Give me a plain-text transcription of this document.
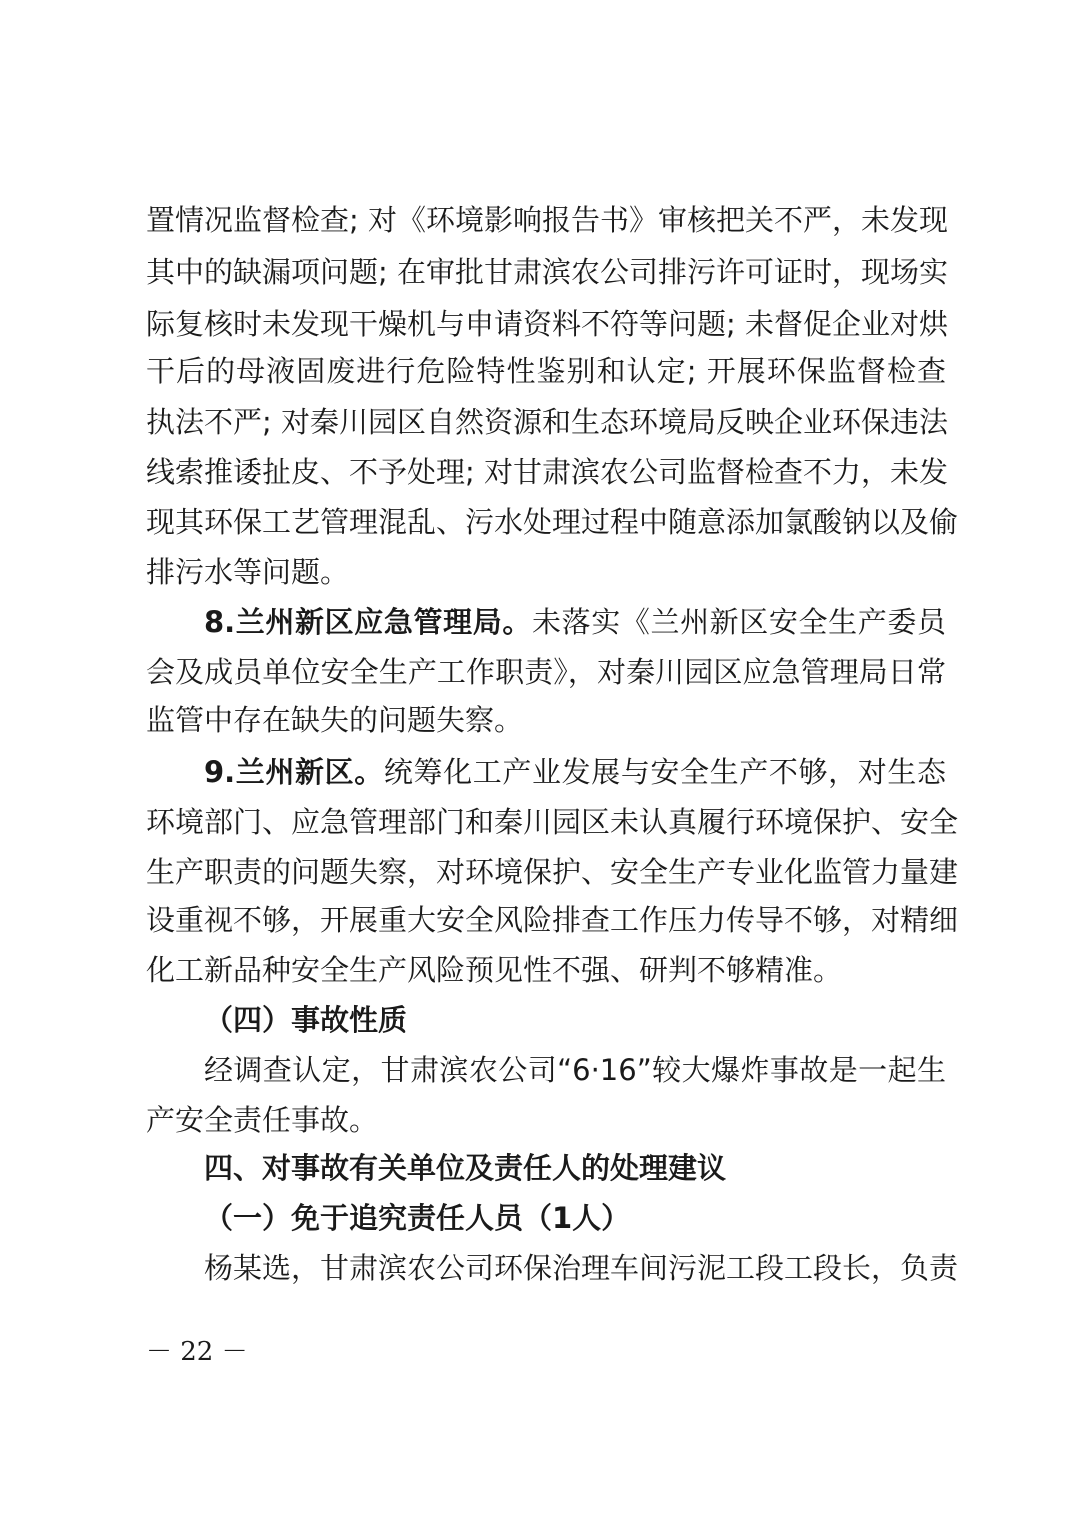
置情况监督检查; 对《环境影响报告书》审核把关不严，未发现
其中的缺漏项问题; 在审批甘肃滨农公司排污许可证时，现场实
际复核时未发现干燥机与申请资料不符等问题; 未督促企业对烘
干后的母液固废进行危险特性鉴别和认定; 开展环保监督检查
执法不严; 对秦川园区自然资源和生态环境局反映企业环保违法
线索推诿扯皮、不予处理; 对甘肃滨农公司监督检查不力，未发
现其环保工艺管理混乱、污水处理过程中随意添加氯酸钠以及偷
排污水等问题。
8.兰州新区应急管理局。未落实《兰州新区安全生产委员
会及成员单位安全生产工作职责》，对秦川园区应急管理局日常
监管中存在缺失的问题失察。
9.兰州新区。统筹化工产业发展与安全生产不够，对生态
环境部门、应急管理部门和秦川园区未认真履行环境保护、安全
生产职责的问题失察，对环境保护、安全生产专业化监管力量建
设重视不够，开展重大安全风险排查工作压力传导不够，对精细
化工新品种安全生产风险预见性不强、研判不够精准。
（四）事故性质
经调查认定，甘肃滨农公司“6·16”较大爆炸事故是一起生
产安全责任事故。
四、对事故有关单位及责任人的处理建议
（一）免于追究责任人员（1人）
杨某选，甘肃滨农公司环保治理车间污泥工段工段长，负责
－ 22 －
